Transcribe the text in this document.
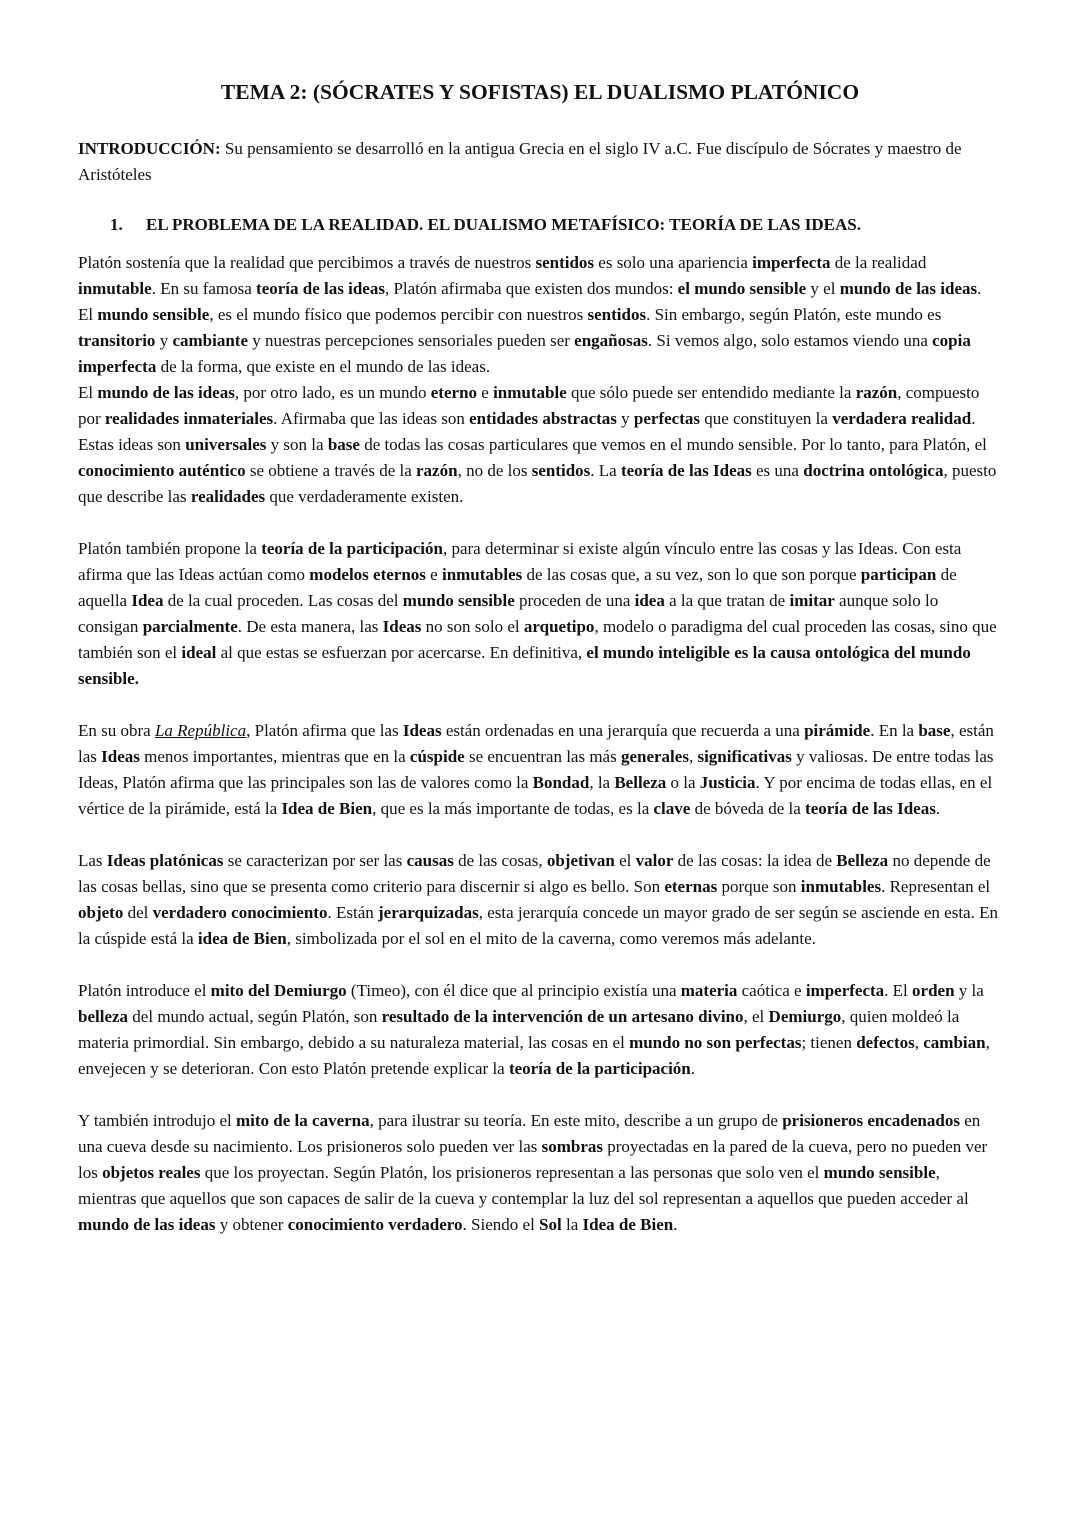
TEMA 2: (SÓCRATES Y SOFISTAS) EL DUALISMO PLATÓNICO

INTRODUCCIÓN: Su pensamiento se desarrolló en la antigua Grecia en el siglo IV a.C. Fue discípulo de Sócrates y maestro de Aristóteles

1. EL PROBLEMA DE LA REALIDAD. EL DUALISMO METAFÍSICO: TEORÍA DE LAS IDEAS.

Platón sostenía que la realidad que percibimos a través de nuestros sentidos es solo una apariencia imperfecta de la realidad inmutable. En su famosa teoría de las ideas, Platón afirmaba que existen dos mundos: el mundo sensible y el mundo de las ideas.

El mundo sensible, es el mundo físico que podemos percibir con nuestros sentidos. Sin embargo, según Platón, este mundo es transitorio y cambiante y nuestras percepciones sensoriales pueden ser engañosas. Si vemos algo, solo estamos viendo una copia imperfecta de la forma, que existe en el mundo de las ideas.

El mundo de las ideas, por otro lado, es un mundo eterno e inmutable que sólo puede ser entendido mediante la razón, compuesto por realidades inmateriales. Afirmaba que las ideas son entidades abstractas y perfectas que constituyen la verdadera realidad. Estas ideas son universales y son la base de todas las cosas particulares que vemos en el mundo sensible. Por lo tanto, para Platón, el conocimiento auténtico se obtiene a través de la razón, no de los sentidos. La teoría de las Ideas es una doctrina ontológica, puesto que describe las realidades que verdaderamente existen.

Platón también propone la teoría de la participación, para determinar si existe algún vínculo entre las cosas y las Ideas. Con esta afirma que las Ideas actúan como modelos eternos e inmutables de las cosas que, a su vez, son lo que son porque participan de aquella Idea de la cual proceden. Las cosas del mundo sensible proceden de una idea a la que tratan de imitar aunque solo lo consigan parcialmente. De esta manera, las Ideas no son solo el arquetipo, modelo o paradigma del cual proceden las cosas, sino que también son el ideal al que estas se esfuerzan por acercarse. En definitiva, el mundo inteligible es la causa ontológica del mundo sensible.

En su obra La República, Platón afirma que las Ideas están ordenadas en una jerarquía que recuerda a una pirámide. En la base, están las Ideas menos importantes, mientras que en la cúspide se encuentran las más generales, significativas y valiosas. De entre todas las Ideas, Platón afirma que las principales son las de valores como la Bondad, la Belleza o la Justicia. Y por encima de todas ellas, en el vértice de la pirámide, está la Idea de Bien, que es la más importante de todas, es la clave de bóveda de la teoría de las Ideas.

Las Ideas platónicas se caracterizan por ser las causas de las cosas, objetivan el valor de las cosas: la idea de Belleza no depende de las cosas bellas, sino que se presenta como criterio para discernir si algo es bello. Son eternas porque son inmutables. Representan el objeto del verdadero conocimiento. Están jerarquizadas, esta jerarquía concede un mayor grado de ser según se asciende en esta. En la cúspide está la idea de Bien, simbolizada por el sol en el mito de la caverna, como veremos más adelante.

Platón introduce el mito del Demiurgo (Timeo), con él dice que al principio existía una materia caótica e imperfecta. El orden y la belleza del mundo actual, según Platón, son resultado de la intervención de un artesano divino, el Demiurgo, quien moldeó la materia primordial. Sin embargo, debido a su naturaleza material, las cosas en el mundo no son perfectas; tienen defectos, cambian, envejecen y se deterioran. Con esto Platón pretende explicar la teoría de la participación.

Y también introdujo el mito de la caverna, para ilustrar su teoría. En este mito, describe a un grupo de prisioneros encadenados en una cueva desde su nacimiento. Los prisioneros solo pueden ver las sombras proyectadas en la pared de la cueva, pero no pueden ver los objetos reales que los proyectan. Según Platón, los prisioneros representan a las personas que solo ven el mundo sensible, mientras que aquellos que son capaces de salir de la cueva y contemplar la luz del sol representan a aquellos que pueden acceder al mundo de las ideas y obtener conocimiento verdadero. Siendo el Sol la Idea de Bien.
